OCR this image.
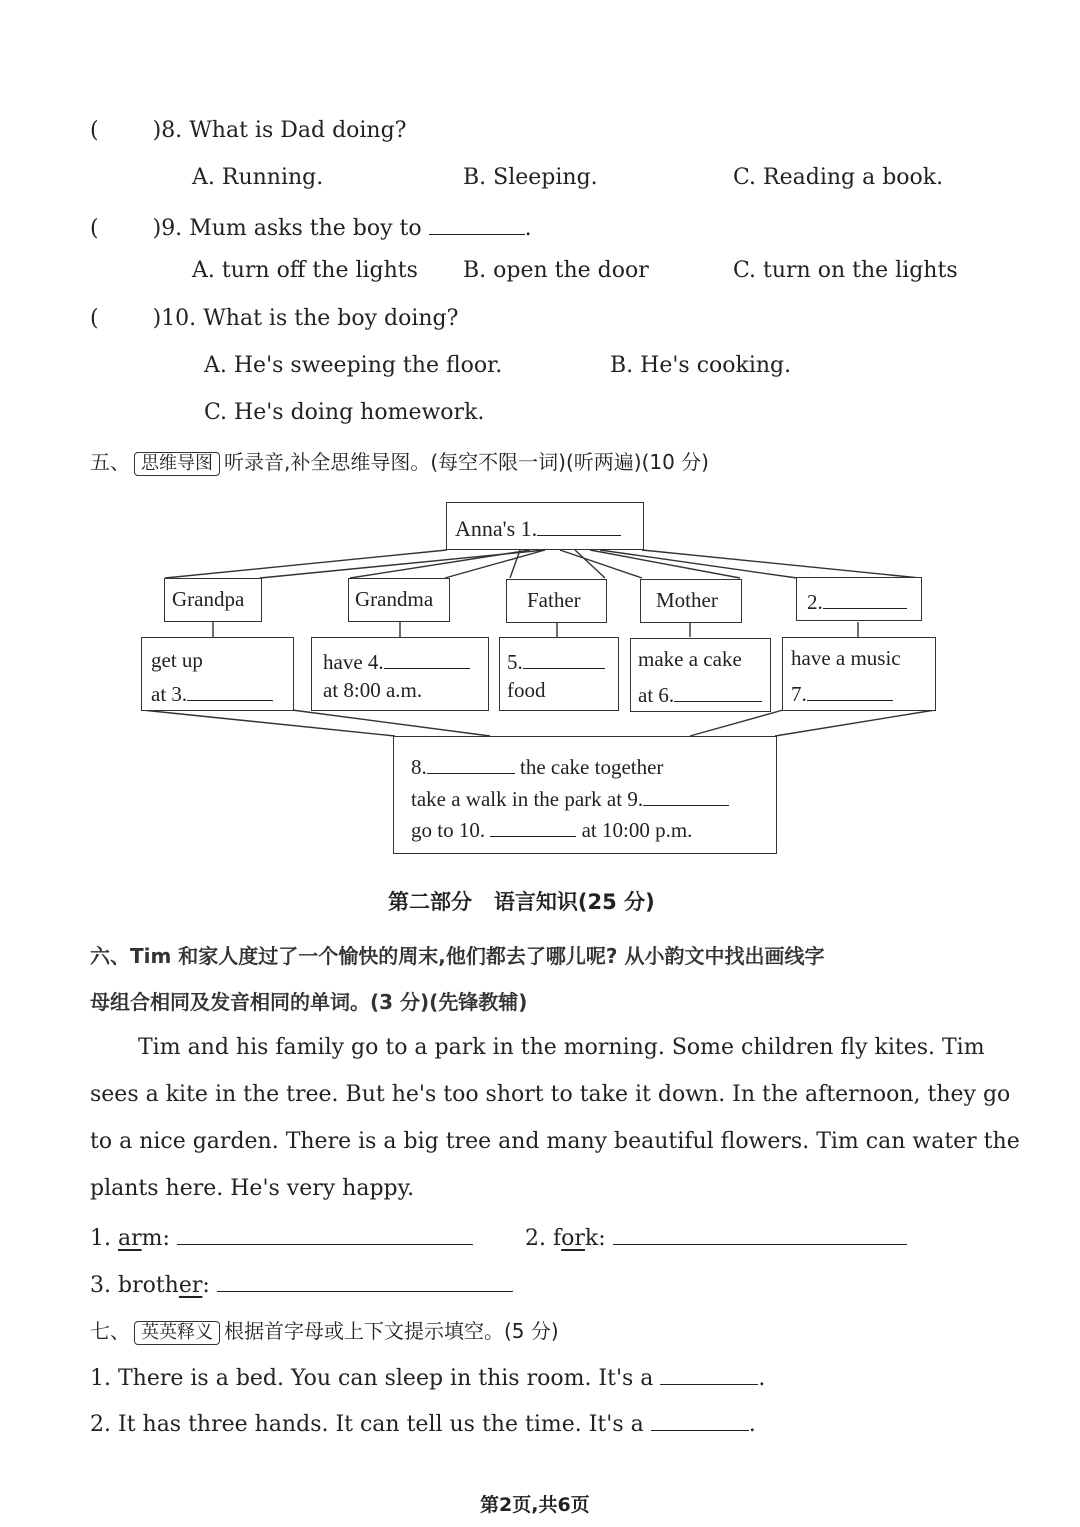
( )8. What is Dad doing?
A. Running.	B. Sleeping.	C. Reading a book.
( )9. Mum asks the boy to	.
A. turn off the lights B. open the door	C. turn on the lights
( )10. What is the boy doing?
A. He's sweeping the floor.	B. He's cooking.
C. He's doing homework.
五、 思维导图 听录音,补全思维导图。(每空不限一词)(听两遍)(10 分)
Anna's 1.
Grandpa	Grandma	Father	Mother	2.
get up
at 3.
have 4.
at 8:00 a.m.
5.
food
make a cake
at 6.
have a music
7.
8.	the cake together
take a walk in the park at 9.
go to 10.	at 10:00 p.m.
第二部分   语言知识(25 分)
六、Tim 和家人度过了一个愉快的周末,他们都去了哪儿呢? 从小韵文中找出画线字
母组合相同及发音相同的单词。(3 分)(先锋教辅)
Tim and his family go to a park in the morning. Some children fly kites. Tim
sees a kite in the tree. But he's too short to take it down. In the afternoon, they go
to a nice garden. There is a big tree and many beautiful flowers. Tim can water the
plants here. He's very happy.
1. arm:	2. fork:
3. brother:
七、 英英释义 根据首字母或上下文提示填空。(5 分)
1. There is a bed. You can sleep in this room. It's a	.
2. It has three hands. It can tell us the time. It's a	.
第2页,共6页
